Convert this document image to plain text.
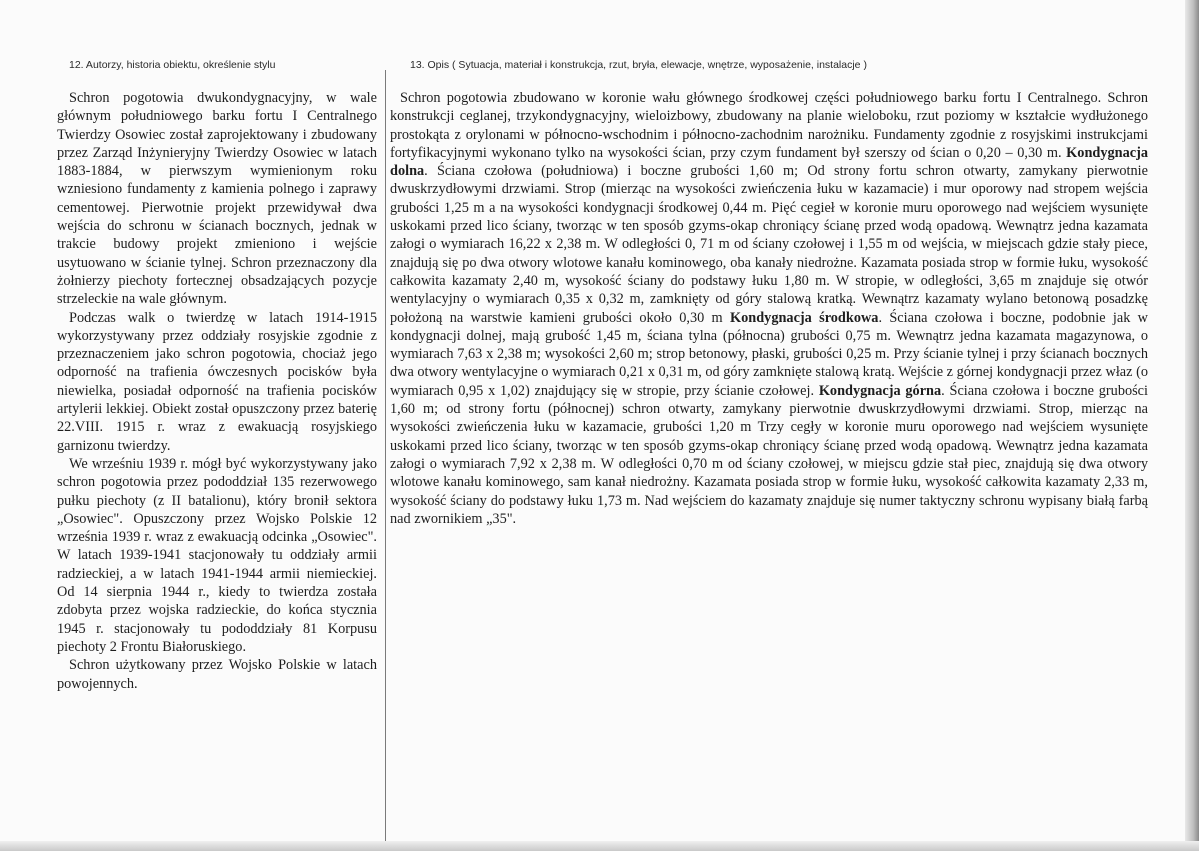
12. Autorzy, historia obiektu, określenie stylu	13. Opis ( Sytuacja, materiał i konstrukcja, rzut, bryła, elewacje, wnętrze, wyposażenie, instalacje )

Schron pogotowia dwukondygnacyjny, w wale głównym południowego barku fortu I Centralnego Twierdzy Osowiec został zaprojektowany i zbudowany przez Zarząd Inżynieryjny Twierdzy Osowiec w latach 1883-1884, w pierwszym wymienionym roku wzniesiono fundamenty z kamienia polnego i zaprawy cementowej. Pierwotnie projekt przewidywał dwa wejścia do schronu w ścianach bocznych, jednak w trakcie budowy projekt zmieniono i wejście usytuowano w ścianie tylnej. Schron przeznaczony dla żołnierzy piechoty fortecznej obsadzających pozycje strzeleckie na wale głównym.

Podczas walk o twierdzę w latach 1914-1915 wykorzystywany przez oddziały rosyjskie zgodnie z przeznaczeniem jako schron pogotowia, chociaż jego odporność na trafienia ówczesnych pocisków była niewielka, posiadał odporność na trafienia pocisków artylerii lekkiej. Obiekt został opuszczony przez baterię 22.VIII. 1915 r. wraz z ewakuacją rosyjskiego garnizonu twierdzy.

We wrześniu 1939 r. mógł być wykorzystywany jako schron pogotowia przez pododdział 135 rezerwowego pułku piechoty (z II batalionu), który bronił sektora „Osowiec". Opuszczony przez Wojsko Polskie 12 września 1939 r. wraz z ewakuacją odcinka „Osowiec". W latach 1939-1941 stacjonowały tu oddziały armii radzieckiej, a w latach 1941-1944 armii niemieckiej. Od 14 sierpnia 1944 r., kiedy to twierdza została zdobyta przez wojska radzieckie, do końca stycznia 1945 r. stacjonowały tu pododdziały 81 Korpusu piechoty 2 Frontu Białoruskiego.

Schron użytkowany przez Wojsko Polskie w latach powojennych.

Schron pogotowia zbudowano w koronie wału głównego środkowej części południowego barku fortu I Centralnego. Schron konstrukcji ceglanej, trzykondygnacyjny, wieloizbowy, zbudowany na planie wieloboku, rzut poziomy w kształcie wydłużonego prostokąta z orylonami w północno-wschodnim i północno-zachodnim narożniku. Fundamenty zgodnie z rosyjskimi instrukcjami fortyfikacyjnymi wykonano tylko na wysokości ścian, przy czym fundament był szerszy od ścian o 0,20 – 0,30 m. Kondygnacja dolna. Ściana czołowa (południowa) i boczne grubości 1,60 m; Od strony fortu schron otwarty, zamykany pierwotnie dwuskrzydłowymi drzwiami. Strop (mierząc na wysokości zwieńczenia łuku w kazamacie) i mur oporowy nad stropem wejścia grubości 1,25 m a na wysokości kondygnacji środkowej 0,44 m. Pięć cegieł w koronie muru oporowego nad wejściem wysunięte uskokami przed lico ściany, tworząc w ten sposób gzyms-okap chroniący ścianę przed wodą opadową. Wewnątrz jedna kazamata załogi o wymiarach 16,22 x 2,38 m. W odległości 0, 71 m od ściany czołowej i 1,55 m od wejścia, w miejscach gdzie stały piece, znajdują się po dwa otwory wlotowe kanału kominowego, oba kanały niedrożne. Kazamata posiada strop w formie łuku, wysokość całkowita kazamaty 2,40 m, wysokość ściany do podstawy łuku 1,80 m. W stropie, w odległości, 3,65 m znajduje się otwór wentylacyjny o wymiarach 0,35 x 0,32 m, zamknięty od góry stalową kratką. Wewnątrz kazamaty wylano betonową posadzkę położoną na warstwie kamieni grubości około 0,30 m Kondygnacja środkowa. Ściana czołowa i boczne, podobnie jak w kondygnacji dolnej, mają grubość 1,45 m, ściana tylna (północna) grubości 0,75 m. Wewnątrz jedna kazamata magazynowa, o wymiarach 7,63 x 2,38 m; wysokości 2,60 m; strop betonowy, płaski, grubości 0,25 m. Przy ścianie tylnej i przy ścianach bocznych dwa otwory wentylacyjne o wymiarach 0,21 x 0,31 m, od góry zamknięte stalową kratą. Wejście z górnej kondygnacji przez właz (o wymiarach 0,95 x 1,02) znajdujący się w stropie, przy ścianie czołowej. Kondygnacja górna. Ściana czołowa i boczne grubości 1,60 m; od strony fortu (północnej) schron otwarty, zamykany pierwotnie dwuskrzydłowymi drzwiami. Strop, mierząc na wysokości zwieńczenia łuku w kazamacie, grubości 1,20 m Trzy cegły w koronie muru oporowego nad wejściem wysunięte uskokami przed lico ściany, tworząc w ten sposób gzyms-okap chroniący ścianę przed wodą opadową. Wewnątrz jedna kazamata załogi o wymiarach 7,92 x 2,38 m. W odległości 0,70 m od ściany czołowej, w miejscu gdzie stał piec, znajdują się dwa otwory wlotowe kanału kominowego, sam kanał niedrożny. Kazamata posiada strop w formie łuku, wysokość całkowita kazamaty 2,33 m, wysokość ściany do podstawy łuku 1,73 m. Nad wejściem do kazamaty znajduje się numer taktyczny schronu wypisany białą farbą nad zwornikiem „35".
